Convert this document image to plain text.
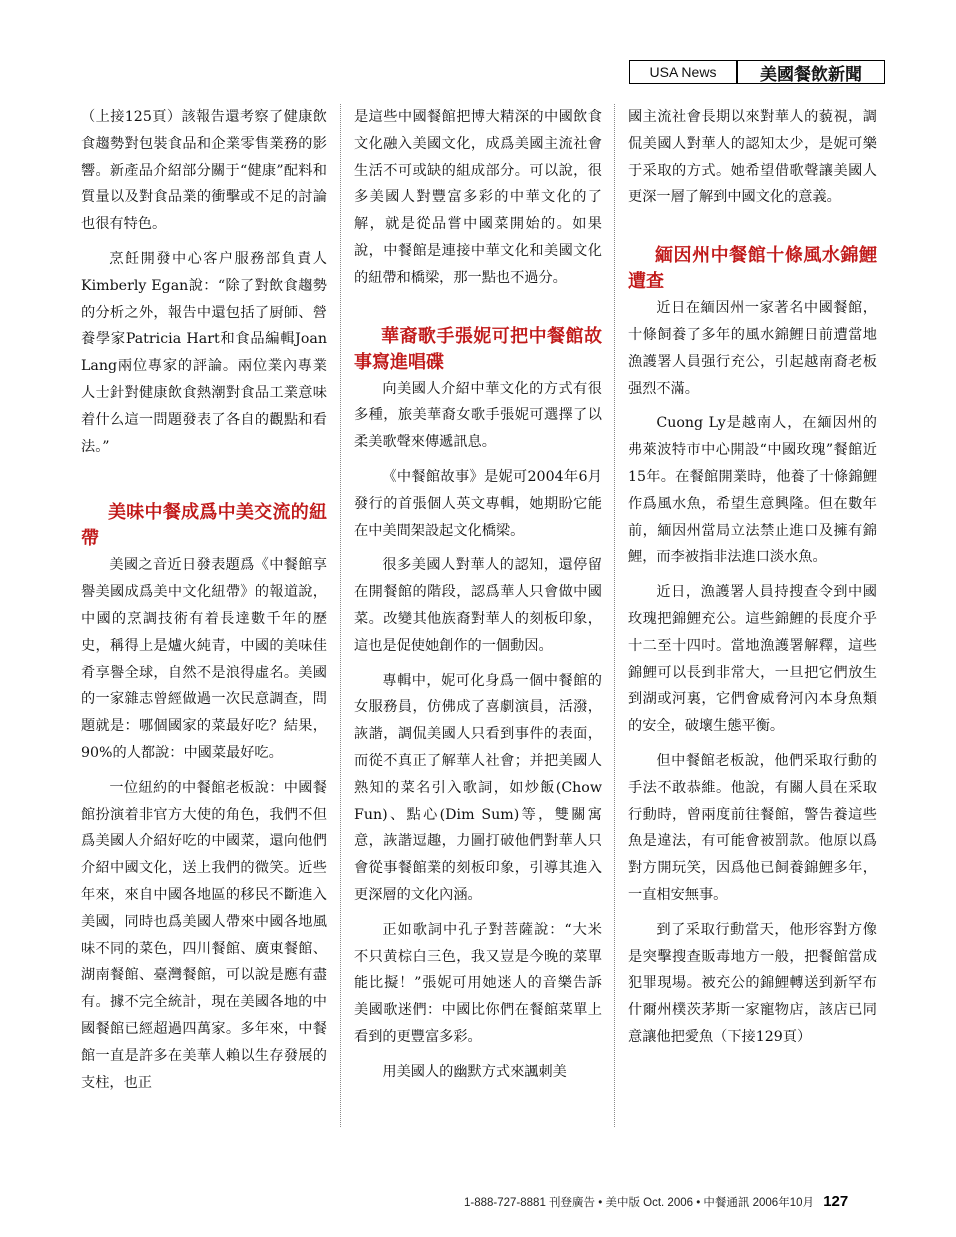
USA News	美國餐飲新聞

（上接125頁）該報告還考察了健康飲食趨勢對包裝食品和企業零售業務的影響。新產品介紹部分關于“健康”配料和質量以及對食品業的衝擊或不足的討論也很有特色。

烹飪開發中心客户服務部負責人Kimberly Egan說：“除了對飲食趨勢的分析之外，報告中還包括了厨師、營養學家Patricia Hart和食品編輯Joan Lang兩位專家的評論。兩位業內專業人士針對健康飲食熱潮對食品工業意味着什么這一問題發表了各自的觀點和看法。”

美味中餐成爲中美交流的紐帶

美國之音近日發表題爲《中餐館享譽美國成爲美中文化紐帶》的報道說，中國的烹調技術有着長達數千年的歷史，稱得上是爐火純青，中國的美味佳肴享譽全球，自然不是浪得虛名。美國的一家雜志曾經做過一次民意調查，問題就是：哪個國家的菜最好吃？結果，90%的人都說：中國菜最好吃。

一位紐約的中餐館老板說：中國餐館扮演着非官方大使的角色，我們不但爲美國人介紹好吃的中國菜，還向他們介紹中國文化，送上我們的微笑。近些年來，來自中國各地區的移民不斷進入美國，同時也爲美國人帶來中國各地風味不同的菜色，四川餐館、廣東餐館、湖南餐館、臺灣餐館，可以說是應有盡有。據不完全統計，現在美國各地的中國餐館已經超過四萬家。多年來，中餐館一直是許多在美華人賴以生存發展的支柱，也正

是這些中國餐館把博大精深的中國飲食文化融入美國文化，成爲美國主流社會生活不可或缺的組成部分。可以說，很多美國人對豐富多彩的中華文化的了解，就是從品嘗中國菜開始的。如果說，中餐館是連接中華文化和美國文化的紐帶和橋梁，那一點也不過分。

華裔歌手張妮可把中餐館故事寫進唱碟

向美國人介紹中華文化的方式有很多種，旅美華裔女歌手張妮可選擇了以柔美歌聲來傳遞訊息。

《中餐館故事》是妮可2004年6月發行的首張個人英文專輯，她期盼它能在中美間架設起文化橋梁。

很多美國人對華人的認知，還停留在開餐館的階段，認爲華人只會做中國菜。改變其他族裔對華人的刻板印象，這也是促使她創作的一個動因。

專輯中，妮可化身爲一個中餐館的女服務員，仿佛成了喜劇演員，活潑，詼諧，調侃美國人只看到事件的表面，而從不真正了解華人社會；并把美國人熟知的菜名引入歌詞，如炒飯(Chow Fun)、點心(Dim Sum)等，雙關寓意，詼諧逗趣，力圖打破他們對華人只會從事餐館業的刻板印象，引導其進入更深層的文化內涵。

正如歌詞中孔子對菩薩說：“大米不只黄棕白三色，我又豈是今晚的菜單能比擬！”張妮可用她迷人的音樂告訴美國歌迷們：中國比你們在餐館菜單上看到的更豐富多彩。

用美國人的幽默方式來諷刺美

國主流社會長期以來對華人的藐視，調侃美國人對華人的認知太少，是妮可樂于采取的方式。她希望借歌聲讓美國人更深一層了解到中國文化的意義。

緬因州中餐館十條風水錦鯉遭查

近日在緬因州一家著名中國餐館，十條飼養了多年的風水錦鯉日前遭當地漁護署人員强行充公，引起越南裔老板强烈不滿。

Cuong Ly是越南人，在緬因州的弗萊波特市中心開設“中國玫瑰”餐館近15年。在餐館開業時，他養了十條錦鯉作爲風水魚，希望生意興隆。但在數年前，緬因州當局立法禁止進口及擁有錦鯉，而李被指非法進口淡水魚。

近日，漁護署人員持搜查令到中國玫瑰把錦鯉充公。這些錦鯉的長度介乎十二至十四吋。當地漁護署解釋，這些錦鯉可以長到非常大，一旦把它們放生到湖或河裏，它們會威脅河內本身魚類的安全，破壞生態平衡。

但中餐館老板說，他們采取行動的手法不敢恭維。他說，有關人員在采取行動時，曾兩度前往餐館，警告養這些魚是違法，有可能會被罰款。他原以爲對方開玩笑，因爲他已飼養錦鯉多年，一直相安無事。

到了采取行動當天，他形容對方像是突擊搜查販毒地方一般，把餐館當成犯罪現場。被充公的錦鯉轉送到新罕布什爾州樸茨茅斯一家寵物店，該店已同意讓他把愛魚（下接129頁）

1-888-727-8881 刊登廣告 • 美中版 Oct. 2006 • 中餐通訊 2006年10月 127
